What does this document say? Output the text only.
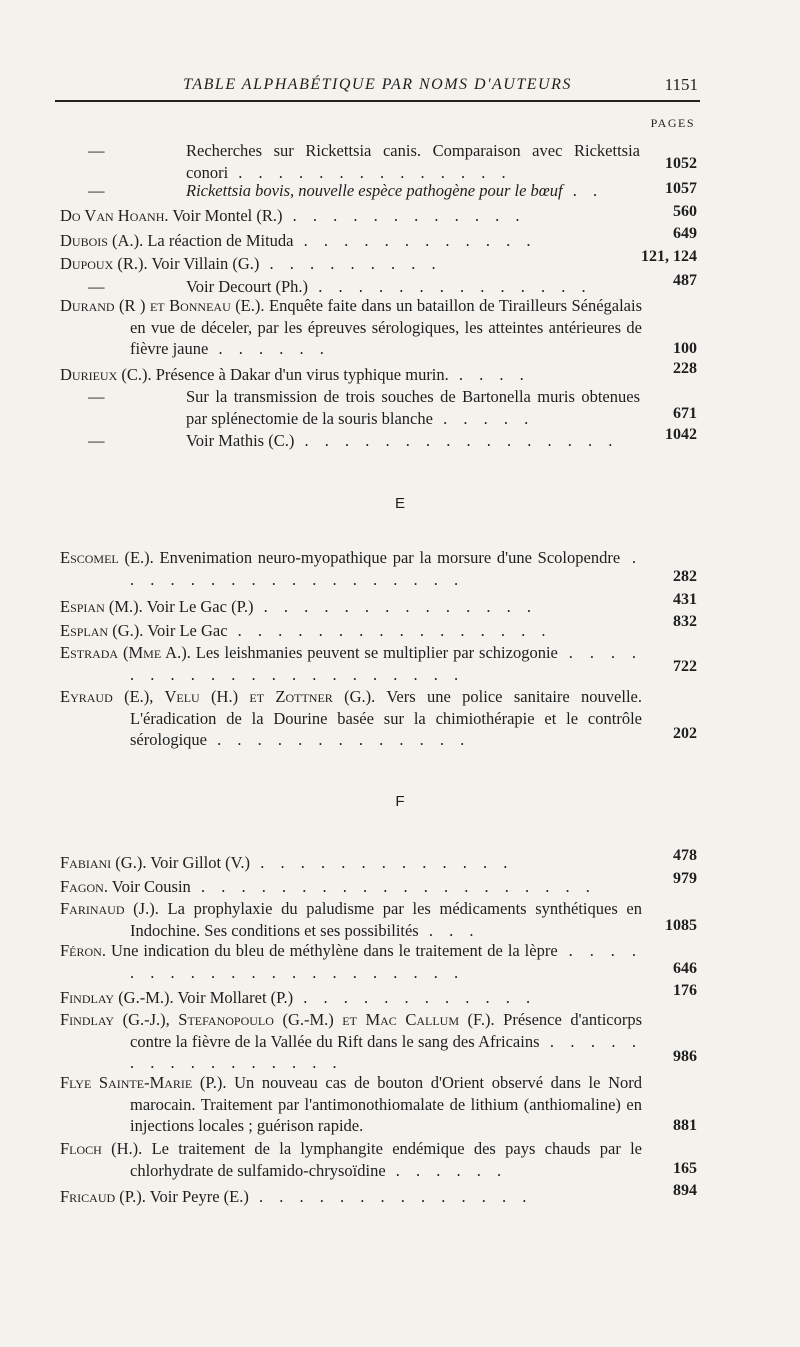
TABLE ALPHABÉTIQUE PAR NOMS D'AUTEURS	1151
PAGES
—	Recherches sur Rickettsia canis. Comparaison avec Rickettsia conori . . . . . . . . . . . . . .	1052
—	Rickettsia bovis, nouvelle espèce pathogène pour le bœuf . .	1057
Do Van Hoanh. Voir Montel (R.) . . . . . . . . . . . .	560
Dubois (A.). La réaction de Mituda . . . . . . . . . . . .	649
Dupoux (R.). Voir Villain (G.) . . . . . . . . .	121, 124
—	Voir Decourt (Ph.) . . . . . . . . . . . . . .	487
Durand (R ) et Bonneau (E.). Enquête faite dans un bataillon de Tirailleurs Sénégalais en vue de déceler, par les épreuves sérologiques, les atteintes antérieures de fièvre jaune . . . . . .	100
Durieux (C.). Présence à Dakar d'un virus typhique murin. . . . .	228
—	Sur la transmission de trois souches de Bartonella muris obtenues par splénectomie de la souris blanche . . . . .	671
—	Voir Mathis (C.) . . . . . . . . . . . . . . . .	1042
E
Escomel (E.). Envenimation neuro-myopathique par la morsure d'une Scolopendre . . . . . . . . . . . . . . . . . .	282
Espian (M.). Voir Le Gac (P.) . . . . . . . . . . . . . .	431
Esplan (G.). Voir Le Gac . . . . . . . . . . . . . . . .	832
Estrada (Mme A.). Les leishmanies peuvent se multiplier par schizogonie . . . . . . . . . . . . . . . . . . . . .	722
Eyraud (E.), Velu (H.) et Zottner (G.). Vers une police sanitaire nouvelle. L'éradication de la Dourine basée sur la chimiothérapie et le contrôle sérologique . . . . . . . . . . . . .	202
F
Fabiani (G.). Voir Gillot (V.) . . . . . . . . . . . . .	478
Fagon. Voir Cousin . . . . . . . . . . . . . . . . . . . .	979
Farinaud (J.). La prophylaxie du paludisme par les médicaments synthétiques en Indochine. Ses conditions et ses possibilités . . .	1085
Féron. Une indication du bleu de méthylène dans le traitement de la lèpre . . . . . . . . . . . . . . . . . . . . .	646
Findlay (G.-M.). Voir Mollaret (P.) . . . . . . . . . . . .	176
Findlay (G.-J.), Stefanopoulo (G.-M.) et Mac Callum (F.). Présence d'anticorps contre la fièvre de la Vallée du Rift dans le sang des Africains . . . . . . . . . . . . . . . .	986
Flye Sainte-Marie (P.). Un nouveau cas de bouton d'Orient observé dans le Nord marocain. Traitement par l'antimonothiomalate de lithium (anthiomaline) en injections locales ; guérison rapide.	881
Floch (H.). Le traitement de la lymphangite endémique des pays chauds par le chlorhydrate de sulfamido-chrysoïdine . . . . . .	165
Fricaud (P.). Voir Peyre (E.) . . . . . . . . . . . . . .	894
